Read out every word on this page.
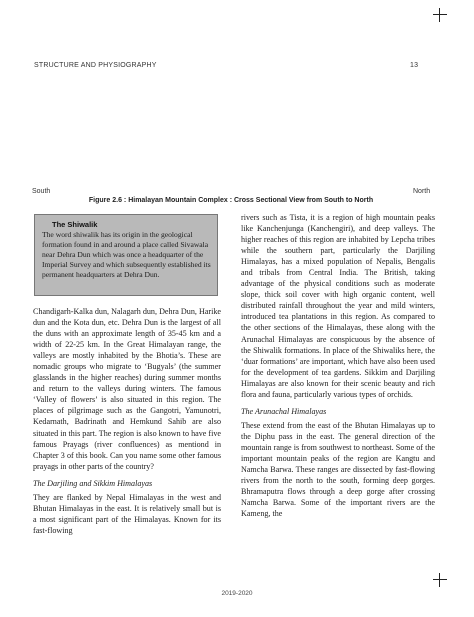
STRUCTURE AND PHYSIOGRAPHY	13
South	North
Figure 2.6 : Himalayan Mountain Complex : Cross Sectional View from South to North
The Shiwalik

The word shiwalik has its origin in the geological formation found in and around a place called Sivawala near Dehra Dun which was once a headquarter of the Imperial Survey and which subsequently established its permanent headquarters at Dehra Dun.

Chandigarh-Kalka dun, Nalagarh dun, Dehra Dun, Harike dun and the Kota dun, etc. Dehra Dun is the largest of all the duns with an approximate length of 35-45 km and a width of 22-25 km. In the Great Himalayan range, the valleys are mostly inhabited by the Bhotia’s. These are nomadic groups who migrate to ‘Bugyals’ (the summer glasslands in the higher reaches) during summer months and return to the valleys during winters. The famous ‘Valley of flowers’ is also situated in this region. The places of pilgrimage such as the Gangotri, Yamunotri, Kedarnath, Badrinath and Hemkund Sahib are also situated in this part. The region is also known to have five famous Prayags (river confluences) as mentiond in Chapter 3 of this book. Can you name some other famous prayags in other parts of the country?

The Darjiling and Sikkim Himalayas

They are flanked by Nepal Himalayas in the west and Bhutan Himalayas in the east. It is relatively small but is a most significant part of the Himalayas. Known for its fast-flowing

rivers such as Tista, it is a region of high mountain peaks like Kanchenjunga (Kanchengiri), and deep valleys. The higher reaches of this region are inhabited by Lepcha tribes while the southern part, particularly the Darjiling Himalayas, has a mixed population of Nepalis, Bengalis and tribals from Central India. The British, taking advantage of the physical conditions such as moderate slope, thick soil cover with high organic content, well distributed rainfall throughout the year and mild winters, introduced tea plantations in this region. As compared to the other sections of the Himalayas, these along with the Arunachal Himalayas are conspicuous by the absence of the Shiwalik formations. In place of the Shiwaliks here, the ‘duar formations’ are important, which have also been used for the development of tea gardens. Sikkim and Darjiling Himalayas are also known for their scenic beauty and rich flora and fauna, particularly various types of orchids.

The Arunachal Himalayas

These extend from the east of the Bhutan Himalayas up to the Diphu pass in the east. The general direction of the mountain range is from southwest to northeast. Some of the important mountain peaks of the region are Kangtu and Namcha Barwa. These ranges are dissected by fast-flowing rivers from the north to the south, forming deep gorges. Bhramaputra flows through a deep gorge after crossing Namcha Barwa. Some of the important rivers are the Kameng, the

2019-2020
